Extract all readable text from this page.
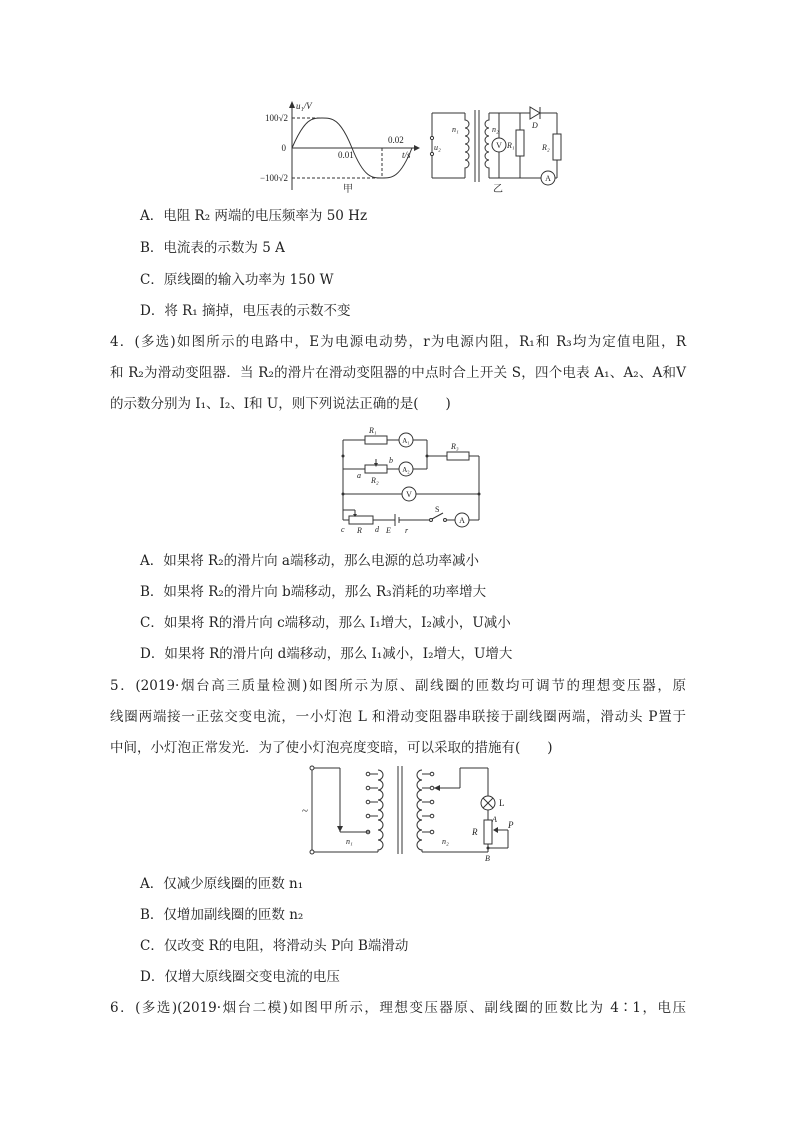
u₁/V
100√2
−100√2
0
0.01
0.02
t/s
甲
u₂
n₁	n₂
乙
V R₁
D
R₂
A
A．电阻 R₂ 两端的电压频率为 50 Hz
B．电流表的示数为 5 A
C．原线圈的输入功率为 150 W
D．将 R₁ 摘掉，电压表的示数不变
4．(多选)如图所示的电路中，E为电源电动势，r为电源内阻，R₁和 R₃均为定值电阻，R
和 R₂为滑动变阻器．当 R₂的滑片在滑动变阻器的中点时合上开关 S，四个电表 A₁、A₂、A和V
的示数分别为 I₁、I₂、I和 U，则下列说法正确的是(　　)
R₁
A₁
R₃
a
b
R₂
A₂
V
c R d E r
S
A
A．如果将 R₂的滑片向 a端移动，那么电源的总功率减小
B．如果将 R₂的滑片向 b端移动，那么 R₃消耗的功率增大
C．如果将 R的滑片向 c端移动，那么 I₁增大，I₂减小，U减小
D．如果将 R的滑片向 d端移动，那么 I₁减小，I₂增大，U增大
5．(2019·烟台高三质量检测)如图所示为原、副线圈的匝数均可调节的理想变压器，原
线圈两端接一正弦交变电流，一小灯泡 L 和滑动变阻器串联接于副线圈两端，滑动头 P置于
中间，小灯泡正常发光．为了使小灯泡亮度变暗，可以采取的措施有(　　)
~
n₁	n₂
L
A
R
P
B
A．仅减少原线圈的匝数 n₁
B．仅增加副线圈的匝数 n₂
C．仅改变 R的电阻，将滑动头 P向 B端滑动
D．仅增大原线圈交变电流的电压
6．(多选)(2019·烟台二模)如图甲所示，理想变压器原、副线圈的匝数比为 4∶1，电压
